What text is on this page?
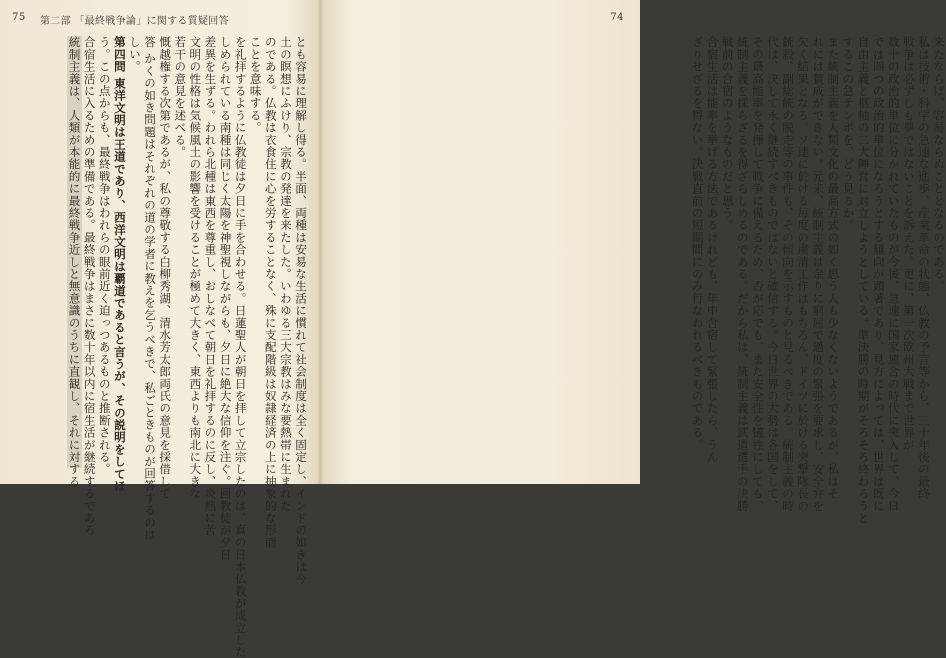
75 第二部 「最終戦争論」に関する質疑回答
とも容易に理解し得る。半面、両種は安易な生活に慣れて社会制度は全く固定し、インドの如きは今
土の瞑想にふけり、宗教の発達を来たした。いわゆる三大宗教はみな要熱帯に生まれた
のである。仏教は衣食住に心を労することなく、殊に支配階級は奴隷経済の上に抽象的な形而
ことを意味する。
を礼拝するように仏教徒は夕日に手を合わせる。日蓮聖人が朝日を拝して立宗したのは、真の日本仏教が成立した
しめられている南種は同じく太陽を神聖視しながらも、夕日に絶大な信仰を注ぐ。回教徒が夕日
差異を生ずる。われら北種は東西を尊重し、おしなべて朝日を礼拝するのに反し、炎熱に苦
文明の性格は気候風土の影響を受けることが極めて大きく、東西よりも南北に大きな
若干の意見を述べる。
慨越権する次第であるが、私の尊敬する白柳秀湖、清水芳太郎両氏の意見を採借して
答 かくの如き問題はそれぞれの道の学者に教えを乞うべきで、私ごときものが回答するのは
しい。
第四問 東洋文明は王道であり、西洋文明は覇道であると言うが、その説明をしてほ
う。この点からも、最終戦争はわれらの眼前近く迫っつあるものと推断される。
合宿生活に入るための準備である。最終戦争はまさに数十年以内に宿生活が継続するであろ
統制主義は、人類が本能的に最終戦争近しと無意識のうちに直観し、それに対する
74
来たならば、容易ならぬこととなるのである。
私は技術・科学の急速な進歩、産業革命の状態、仏教の予言等から、三十年後の最終
戦争は必ずしも夢ではないことを訴えた。更に、第一次欧州大戦まで世界が
数十の政治的単位に分かれていたものが今後、急速に国家連合の時代に突入して、今日
では四つの政治的単位になろうとする傾向が顕著であり、見方によっては、世界は既に
自由主義と枢軸の二大陣営に対立しようとしている。準決勝の時期がそろそろ終わろうと
するこの急テンポを、どう見るか。
また統制主義を人類文化の最高方式の如く思う人も少なくないようであるが、私はそ
れには賛成ができない。元来、統制主義は余りに窮屈で過度の緊張を要求し、安全弁を
欠く結果となる。ソ連に於ける毎度の粛清工作はもちろん、ドイツに於ける突撃隊長の
銃殺、副総統の脱走等の事件も、その傾向を示すものと見るべきである。統制主義の時
代は、決して永く継続すべきものではないと確信する。今日世界の大勢は各国をして、
その最高能率を発揮して戦争に備えるため、否が応でも、また安全性を犠牲にしても、
統制主義を採らざるを得ざらしめるのである。だから私は、統制主義は武道選手の決勝
戦前の合宿のようなものだと思う。
合宿生活は能率を挙げる方法であるけれども、年中合宿して緊張したら、うん
ざりせざるを得ない。決戦直前の短期間にのみ行なわれるべきものである。
